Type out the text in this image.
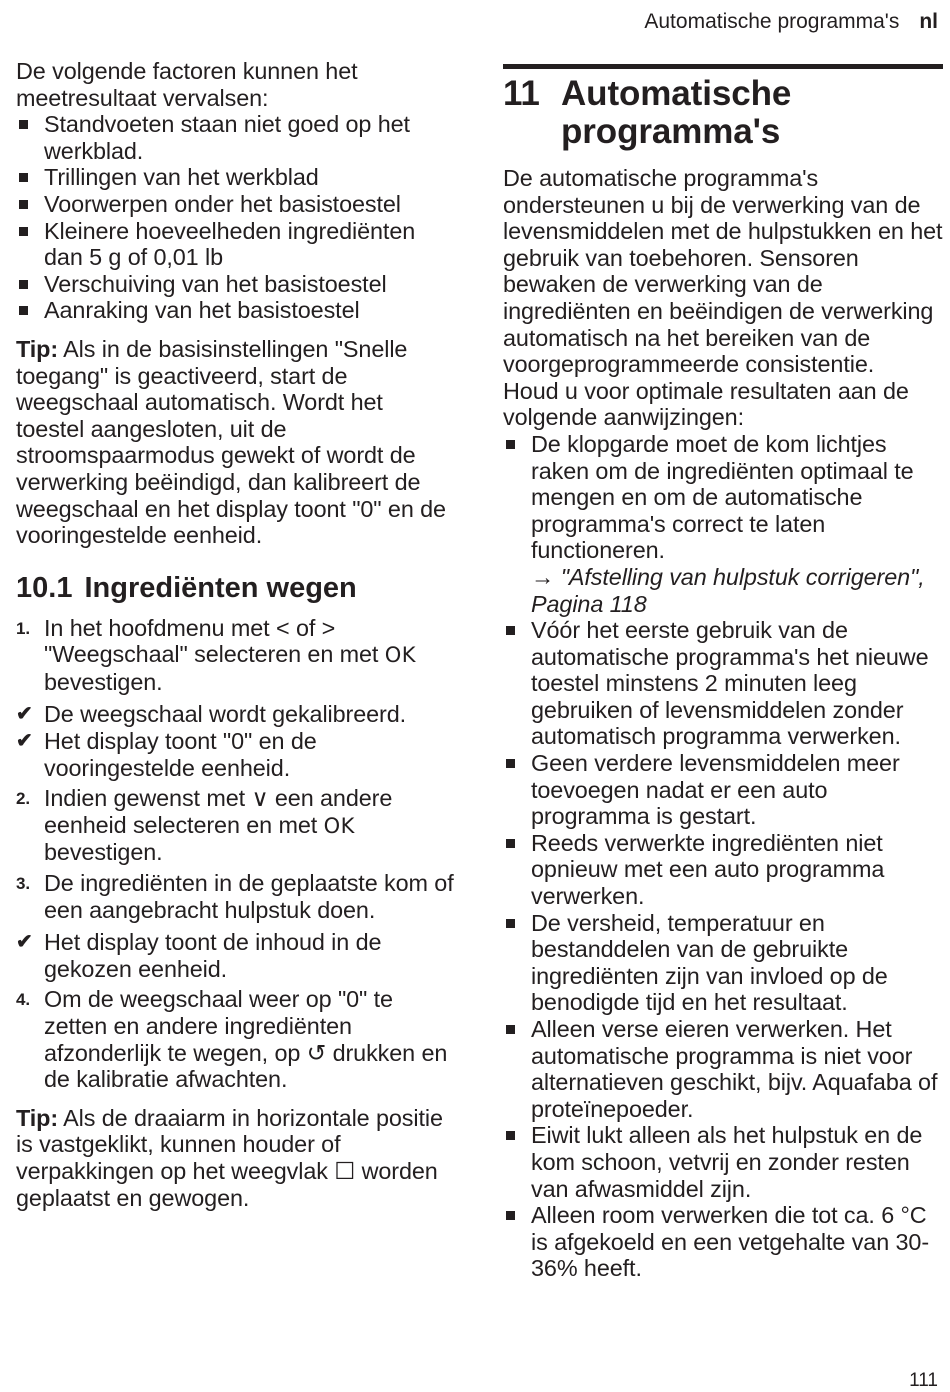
Automatische programma's nl

De volgende factoren kunnen het meetresultaat vervalsen:

Standvoeten staan niet goed op het werkblad.
Trillingen van het werkblad
Voorwerpen onder het basistoestel
Kleinere hoeveelheden ingrediënten dan 5 g of 0,01 lb
Verschuiving van het basistoestel
Aanraking van het basistoestel

Tip: Als in de basisinstellingen "Snelle toegang" is geactiveerd, start de weegschaal automatisch. Wordt het toestel aangesloten, uit de stroomspaarmodus gewekt of wordt de verwerking beëindigd, dan kalibreert de weegschaal en het display toont "0" en de vooringestelde eenheid.

10.1 Ingrediënten wegen
1. In het hoofdmenu met < of > "Weegschaal" selecteren en met OK bevestigen.
✔ De weegschaal wordt gekalibreerd.
✔ Het display toont "0" en de vooringestelde eenheid.
2. Indien gewenst met ∨ een andere eenheid selecteren en met OK bevestigen.
3. De ingrediënten in de geplaatste kom of een aangebracht hulpstuk doen.
✔ Het display toont de inhoud in de gekozen eenheid.
4. Om de weegschaal weer op "0" te zetten en andere ingrediënten afzonderlijk te wegen, op ↺ drukken en de kalibratie afwachten.

Tip: Als de draaiarm in horizontale positie is vastgeklikt, kunnen houder of verpakkingen op het weegvlak ☐ worden geplaatst en gewogen.

11 Automatische programma's

De automatische programma's ondersteunen u bij de verwerking van de levensmiddelen met de hulpstukken en het gebruik van toebehoren. Sensoren bewaken de verwerking van de ingrediënten en beëindigen de verwerking automatisch na het bereiken van de voorgeprogrammeerde consistentie.

Houd u voor optimale resultaten aan de volgende aanwijzingen:

De klopgarde moet de kom lichtjes raken om de ingrediënten optimaal te mengen en om de automatische programma's correct te laten functioneren.
→ "Afstelling van hulpstuk corrigeren", Pagina 118
Vóór het eerste gebruik van de automatische programma's het nieuwe toestel minstens 2 minuten leeg gebruiken of levensmiddelen zonder automatisch programma verwerken.
Geen verdere levensmiddelen meer toevoegen nadat er een auto programma is gestart.
Reeds verwerkte ingrediënten niet opnieuw met een auto programma verwerken.
De versheid, temperatuur en bestanddelen van de gebruikte ingrediënten zijn van invloed op de benodigde tijd en het resultaat.
Alleen verse eieren verwerken. Het automatische programma is niet voor alternatieven geschikt, bijv. Aquafaba of proteïnepoeder.
Eiwit lukt alleen als het hulpstuk en de kom schoon, vetvrij en zonder resten van afwasmiddel zijn.
Alleen room verwerken die tot ca. 6 °C is afgekoeld en een vetgehalte van 30-36% heeft.
111
